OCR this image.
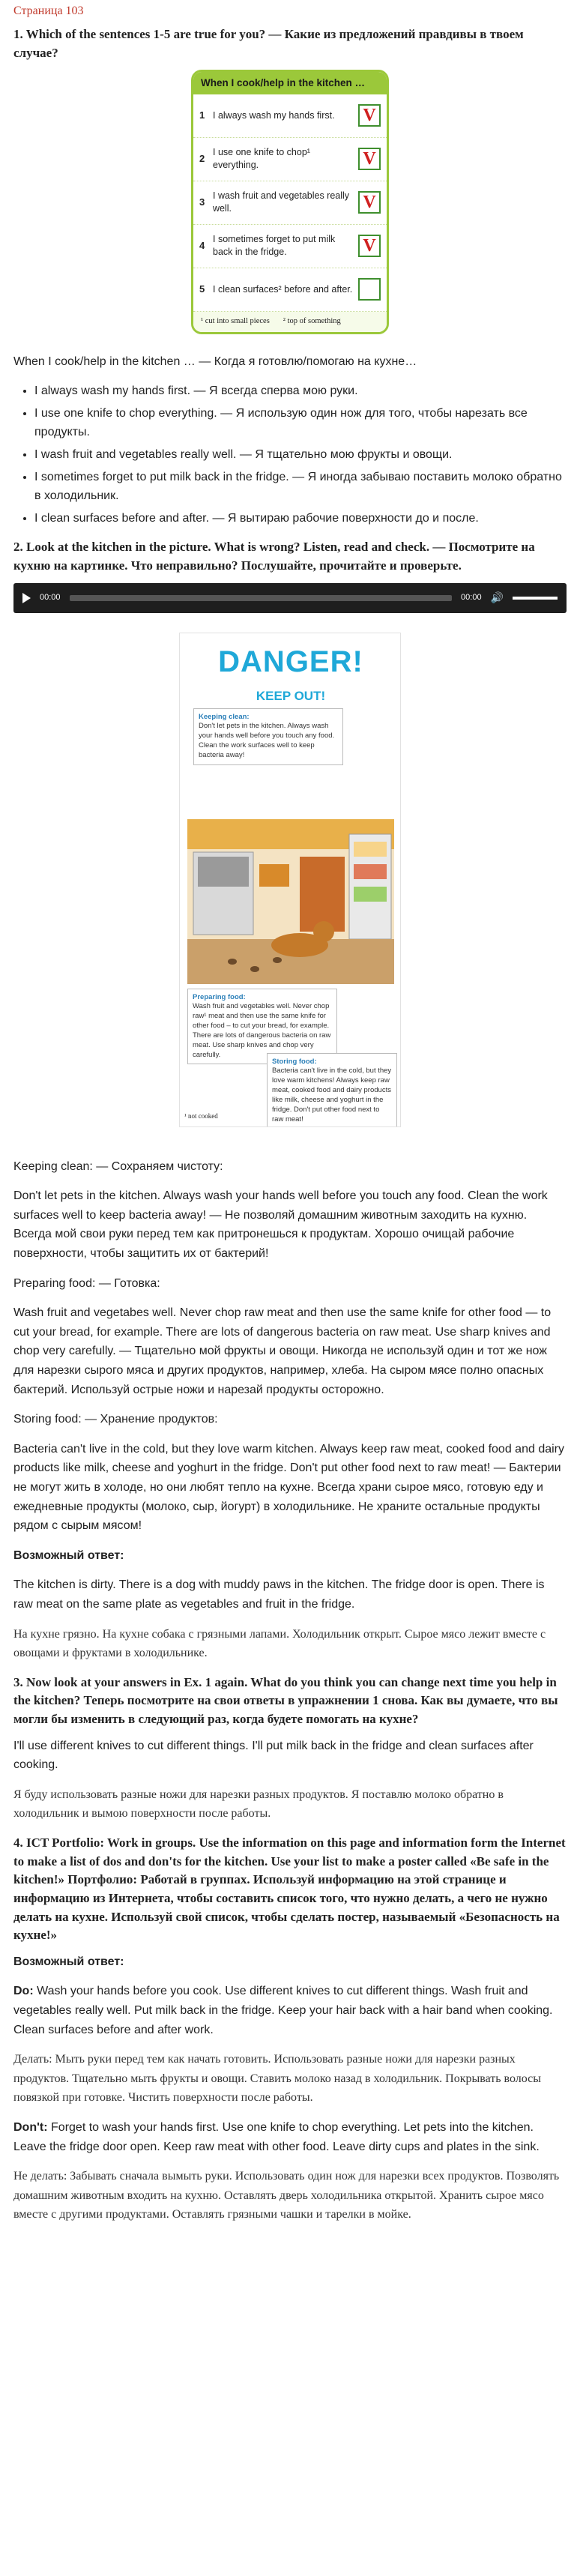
Страница 103
1. Which of the sentences 1-5 are true for you? — Какие из предложений правдивы в твоем случае?
When I cook/help in the kitchen …
1 I always wash my hands first.	V
2
I use one knife to chop¹ everything.	V
3
I wash fruit and vegetables really well.	V
4
I sometimes forget to put milk back in the fridge.	V
5 I clean surfaces² before and after.
¹ cut into small pieces ² top of something

When I cook/help in the kitchen … — Когда я готовлю/помогаю на кухне…

• I always wash my hands first. — Я всегда сперва мою руки.
• I use one knife to chop everything. — Я использую один нож для того, чтобы нарезать все продукты.
• I wash fruit and vegetables really well. — Я тщательно мою фрукты и овощи.
• I sometimes forget to put milk back in the fridge. — Я иногда забываю поставить молоко обратно в холодильник.
• I clean surfaces before and after. — Я вытираю рабочие поверхности до и после.
2. Look at the kitchen in the picture. What is wrong? Listen, read and check. — Посмотрите на кухню на картинке. Что неправильно? Послушайте, прочитайте и проверьте.
00:00	00:00 🔊
DANGER!
KEEP OUT!
Keeping clean:
Don't let pets in the kitchen. Always wash your hands well before you touch any food. Clean the work surfaces well to keep bacteria away!
Preparing food:
Wash fruit and vegetables well. Never chop raw¹ meat and then use the same knife for other food – to cut your bread, for example. There are lots of dangerous bacteria on raw meat. Use sharp knives and chop very carefully.
Storing food:
Bacteria can't live in the cold, but they love warm kitchens! Always keep raw meat, cooked food and dairy products like milk, cheese and yoghurt in the fridge. Don't put other food next to raw meat!
¹ not cooked

Keeping clean: — Сохраняем чистоту:

Don't let pets in the kitchen. Always wash your hands well before you touch any food. Clean the work surfaces well to keep bacteria away! — Не позволяй домашним животным заходить на кухню. Всегда мой свои руки перед тем как притронешься к продуктам. Хорошо очищай рабочие поверхности, чтобы защитить их от бактерий!

Preparing food: — Готовка:

Wash fruit and vegetabes well. Never chop raw meat and then use the same knife for other food — to cut your bread, for example. There are lots of dangerous bacteria on raw meat. Use sharp knives and chop very carefully. — Тщательно мой фрукты и овощи. Никогда не используй один и тот же нож для нарезки сырого мяса и других продуктов, например, хлеба. На сыром мясе полно опасных бактерий. Используй острые ножи и нарезай продукты осторожно.

Storing food: — Хранение продуктов:

Bacteria can't live in the cold, but they love warm kitchen. Always keep raw meat, cooked food and dairy products like milk, cheese and yoghurt in the fridge. Don't put other food next to raw meat! — Бактерии не могут жить в холоде, но они любят тепло на кухне. Всегда храни сырое мясо, готовую еду и ежедневные продукты (молоко, сыр, йогурт) в холодильнике. Не храните остальные продукты рядом с сырым мясом!

Возможный ответ:

The kitchen is dirty. There is a dog with muddy paws in the kitchen. The fridge door is open. There is raw meat on the same plate as vegetables and fruit in the fridge.

На кухне грязно. На кухне собака с грязными лапами. Холодильник открыт. Сырое мясо лежит вместе с овощами и фруктами в холодильнике.

3. Now look at your answers in Ex. 1 again. What do you think you can change next time you help in the kitchen? Теперь посмотрите на свои ответы в упражнении 1 снова. Как вы думаете, что вы могли бы изменить в следующий раз, когда будете помогать на кухне?

I'll use different knives to cut different things. I'll put milk back in the fridge and clean surfaces after cooking.

Я буду использовать разные ножи для нарезки разных продуктов. Я поставлю молоко обратно в холодильник и вымою поверхности после работы.

4. ICT Portfolio: Work in groups. Use the information on this page and information form the Internet to make a list of dos and don'ts for the kitchen. Use your list to make a poster called «Be safe in the kitchen!» Портфолио: Работай в группах. Используй информацию на этой странице и информацию из Интернета, чтобы составить список того, что нужно делать, а чего не нужно делать на кухне. Используй свой список, чтобы сделать постер, называемый «Безопасность на кухне!»

Возможный ответ:

Do: Wash your hands before you cook. Use different knives to cut different things. Wash fruit and vegetables really well. Put milk back in the fridge. Keep your hair back with a hair band when cooking. Clean surfaces before and after work.

Делать: Мыть руки перед тем как начать готовить. Использовать разные ножи для нарезки разных продуктов. Тщательно мыть фрукты и овощи. Ставить молоко назад в холодильник. Покрывать волосы повязкой при готовке. Чистить поверхности после работы.

Don't: Forget to wash your hands first. Use one knife to chop everything. Let pets into the kitchen. Leave the fridge door open. Keep raw meat with other food. Leave dirty cups and plates in the sink.

Не делать: Забывать сначала вымыть руки. Использовать один нож для нарезки всех продуктов. Позволять домашним животным входить на кухню. Оставлять дверь холодильника открытой. Хранить сырое мясо вместе с другими продуктами. Оставлять грязными чашки и тарелки в мойке.
